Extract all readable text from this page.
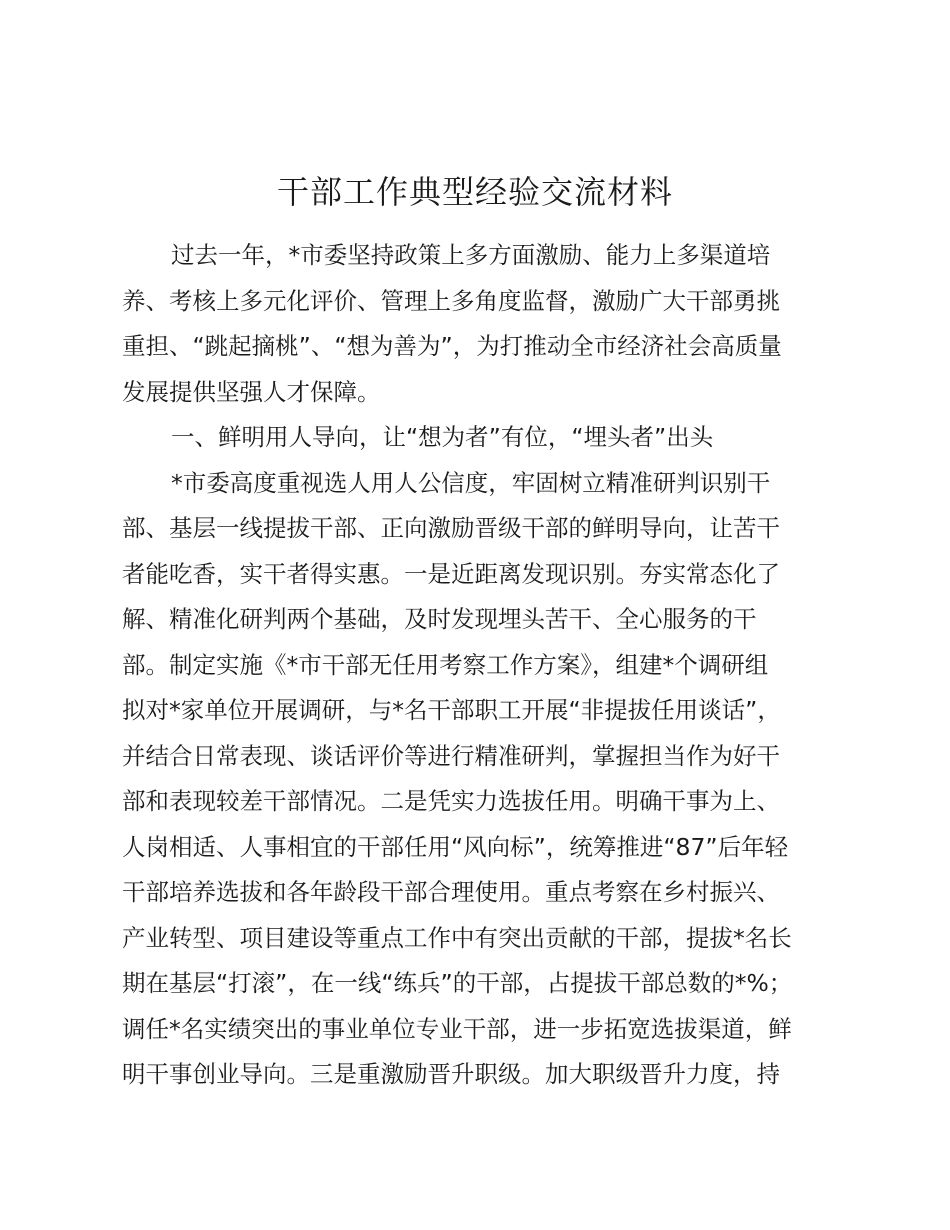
干部工作典型经验交流材料
过去一年，*市委坚持政策上多方面激励、能力上多渠道培
养、考核上多元化评价、管理上多角度监督，激励广大干部勇挑
重担、“跳起摘桃”、“想为善为”，为打推动全市经济社会高质量
发展提供坚强人才保障。
一、鲜明用人导向，让“想为者”有位，“埋头者”出头
*市委高度重视选人用人公信度，牢固树立精准研判识别干
部、基层一线提拔干部、正向激励晋级干部的鲜明导向，让苦干
者能吃香，实干者得实惠。一是近距离发现识别。夯实常态化了
解、精准化研判两个基础，及时发现埋头苦干、全心服务的干
部。制定实施《*市干部无任用考察工作方案》，组建*个调研组
拟对*家单位开展调研，与*名干部职工开展“非提拔任用谈话”，
并结合日常表现、谈话评价等进行精准研判，掌握担当作为好干
部和表现较差干部情况。二是凭实力选拔任用。明确干事为上、
人岗相适、人事相宜的干部任用“风向标”，统筹推进“87”后年轻
干部培养选拔和各年龄段干部合理使用。重点考察在乡村振兴、
产业转型、项目建设等重点工作中有突出贡献的干部，提拔*名长
期在基层“打滚”，在一线“练兵”的干部，占提拔干部总数的*%；
调任*名实绩突出的事业单位专业干部，进一步拓宽选拔渠道，鲜
明干事创业导向。三是重激励晋升职级。加大职级晋升力度，持
